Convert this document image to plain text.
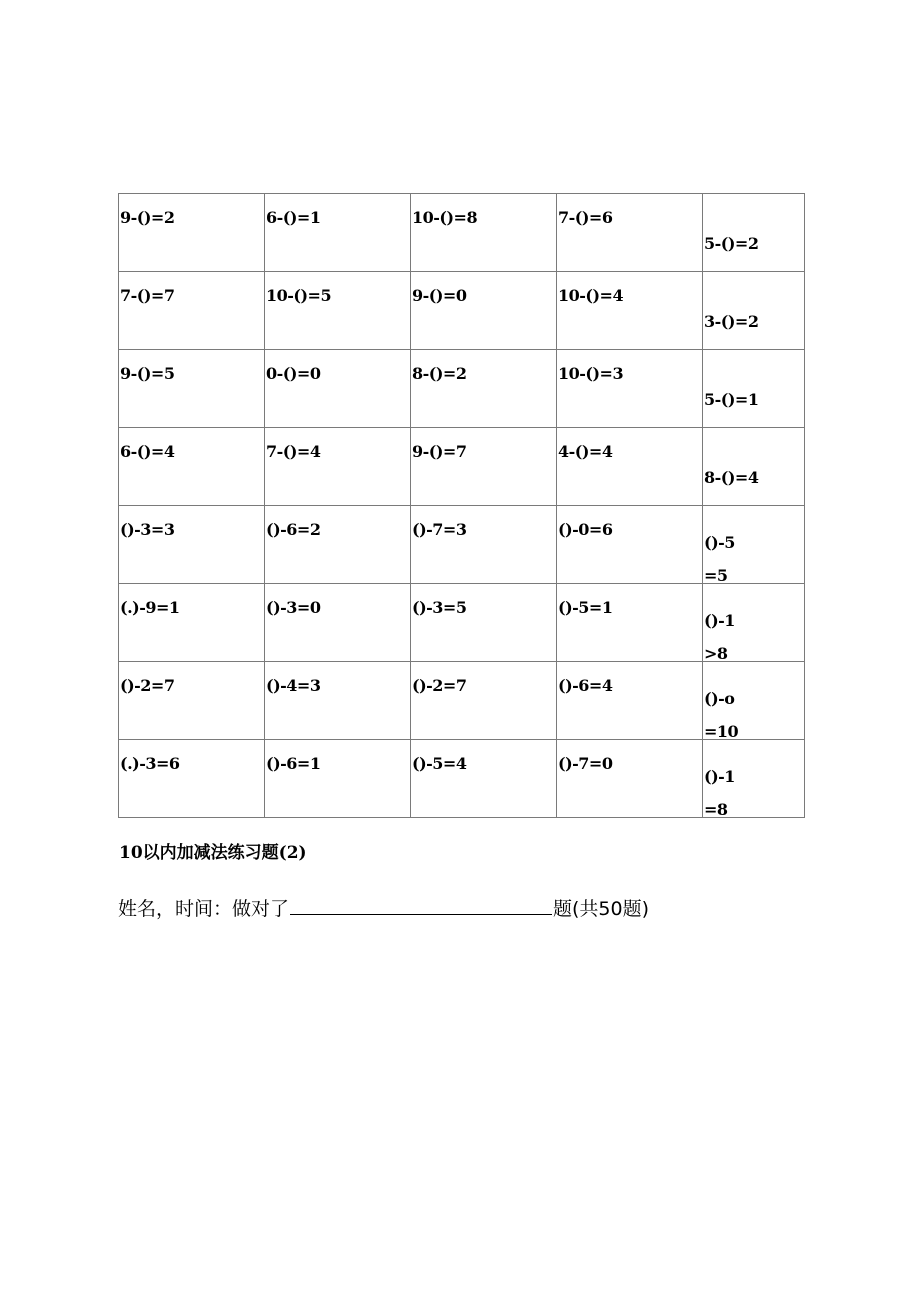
9-()=2	6-()=1	10-()=8	7-()=6	5-()=2

7-()=7	10-()=5	9-()=0	10-()=4	3-()=2

9-()=5	0-()=0	8-()=2	10-()=3	5-()=1

6-()=4	7-()=4	9-()=7	4-()=4	8-()=4

()-3=3	()-6=2	()-7=3	()-0=6	()-5
=5

(.)-9=1	()-3=0	()-3=5	()-5=1	()-1
>8

()-2=7	()-4=3	()-2=7	()-6=4	()-o
=10

(.)-3=6	()-6=1	()-5=4	()-7=0	()-1
=8
10以内加减法练习题(2)
姓名，时间：做对了	题(共50题)
